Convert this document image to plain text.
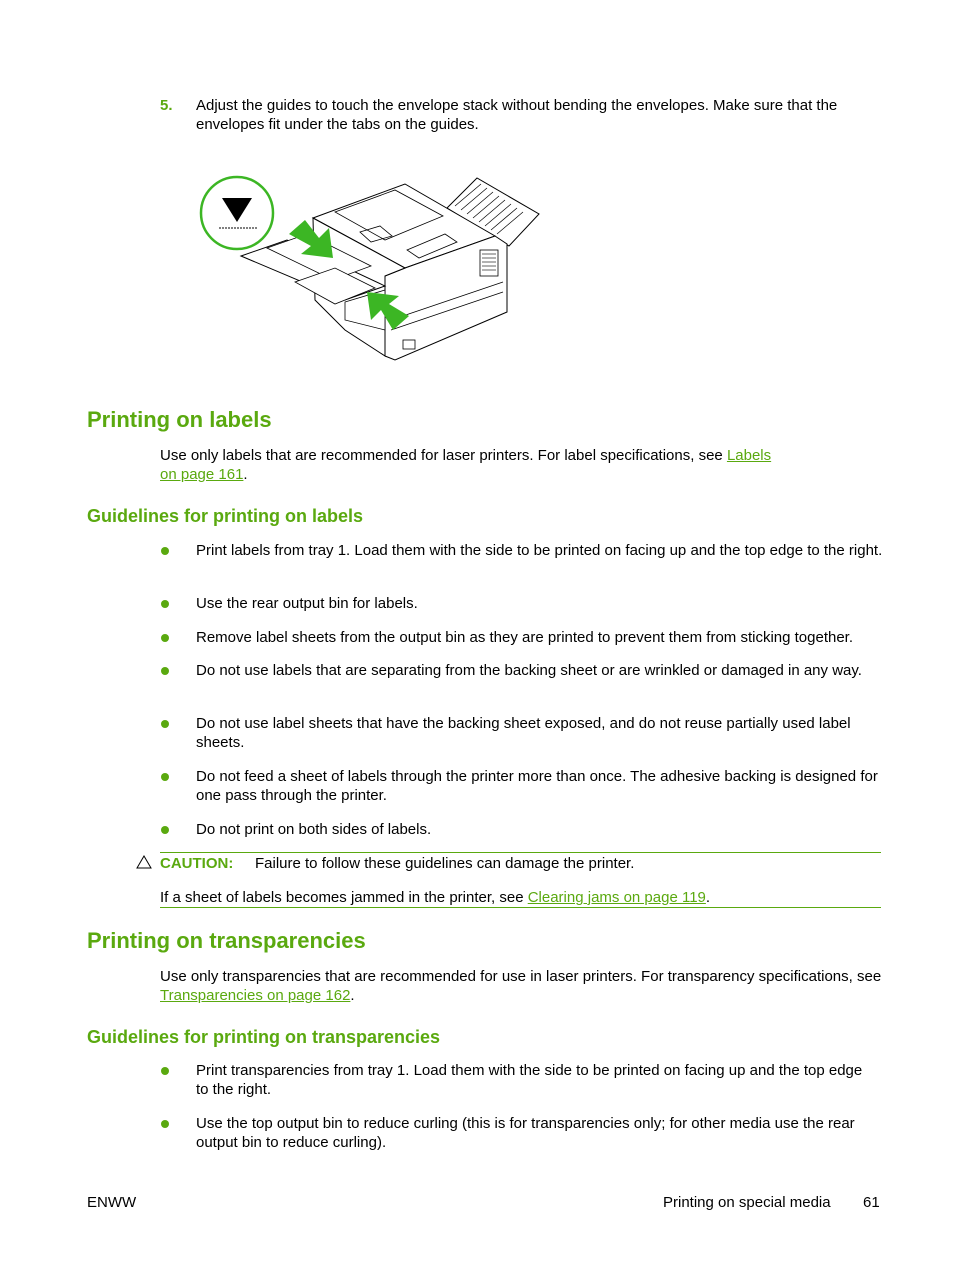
5. Adjust the guides to touch the envelope stack without bending the envelopes. Make sure that the envelopes fit under the tabs on the guides.
Printing on labels
Use only labels that are recommended for laser printers. For label specifications, see Labels
on page 161.
Guidelines for printing on labels
Print labels from tray 1. Load them with the side to be printed on facing up and the top edge to the right.
Use the rear output bin for labels.
Remove label sheets from the output bin as they are printed to prevent them from sticking together.
Do not use labels that are separating from the backing sheet or are wrinkled or damaged in any way.
Do not use label sheets that have the backing sheet exposed, and do not reuse partially used label sheets.
Do not feed a sheet of labels through the printer more than once. The adhesive backing is designed for one pass through the printer.
Do not print on both sides of labels.
CAUTION: Failure to follow these guidelines can damage the printer.
If a sheet of labels becomes jammed in the printer, see Clearing jams on page 119.
Printing on transparencies
Use only transparencies that are recommended for use in laser printers. For transparency specifications, see Transparencies on page 162.
Guidelines for printing on transparencies
Print transparencies from tray 1. Load them with the side to be printed on facing up and the top edge to the right.
Use the top output bin to reduce curling (this is for transparencies only; for other media use the rear output bin to reduce curling).
ENWW	Printing on special media 61
